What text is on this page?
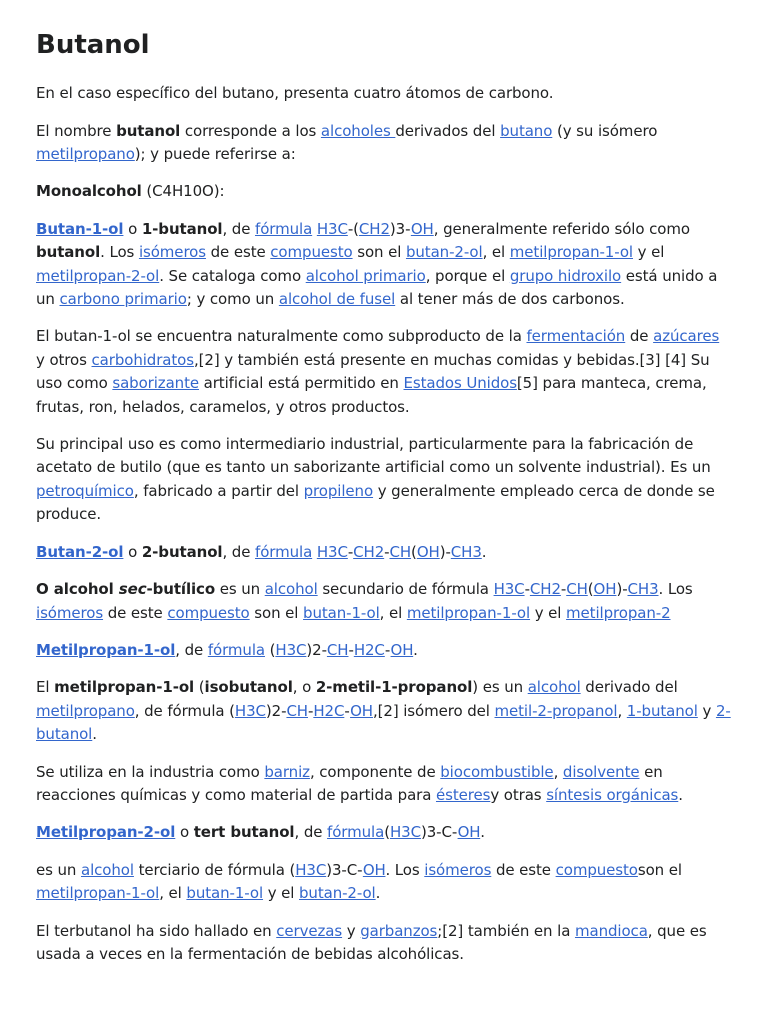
Butanol

En el caso específico del butano, presenta cuatro átomos de carbono.

El nombre butanol corresponde a los alcoholes derivados del butano (y su isómero metilpropano); y puede referirse a:

Monoalcohol (C4H10O):

Butan-1-ol o 1-butanol, de fórmula H3C-(CH2)3-OH, generalmente referido sólo como butanol. Los isómeros de este compuesto son el butan-2-ol, el metilpropan-1-ol y el metilpropan-2-ol. Se cataloga como alcohol primario, porque el grupo hidroxilo está unido a un carbono primario; y como un alcohol de fusel al tener más de dos carbonos.

El butan-1-ol se encuentra naturalmente como subproducto de la fermentación de azúcares y otros carbohidratos,[2] y también está presente en muchas comidas y bebidas.[3] [4] Su uso como saborizante artificial está permitido en Estados Unidos[5] para manteca, crema, frutas, ron, helados, caramelos, y otros productos.

Su principal uso es como intermediario industrial, particularmente para la fabricación de acetato de butilo (que es tanto un saborizante artificial como un solvente industrial). Es un petroquímico, fabricado a partir del propileno y generalmente empleado cerca de donde se produce.

Butan-2-ol o 2-butanol, de fórmula H3C-CH2-CH(OH)-CH3.

O alcohol sec-butílico es un alcohol secundario de fórmula H3C-CH2-CH(OH)-CH3. Los isómeros de este compuesto son el butan-1-ol, el metilpropan-1-ol y el metilpropan-2

Metilpropan-1-ol, de fórmula (H3C)2-CH-H2C-OH.

El metilpropan-1-ol (isobutanol, o 2-metil-1-propanol) es un alcohol derivado del metilpropano, de fórmula (H3C)2-CH-H2C-OH,[2] isómero del metil-2-propanol, 1-butanol y 2-butanol.

Se utiliza en la industria como barniz, componente de biocombustible, disolvente en reacciones químicas y como material de partida para ésteresy otras síntesis orgánicas.

Metilpropan-2-ol o tert butanol, de fórmula(H3C)3-C-OH.

es un alcohol terciario de fórmula (H3C)3-C-OH. Los isómeros de este compuestoson el metilpropan-1-ol, el butan-1-ol y el butan-2-ol.

El terbutanol ha sido hallado en cervezas y garbanzos;[2] también en la mandioca, que es usada a veces en la fermentación de bebidas alcohólicas.
